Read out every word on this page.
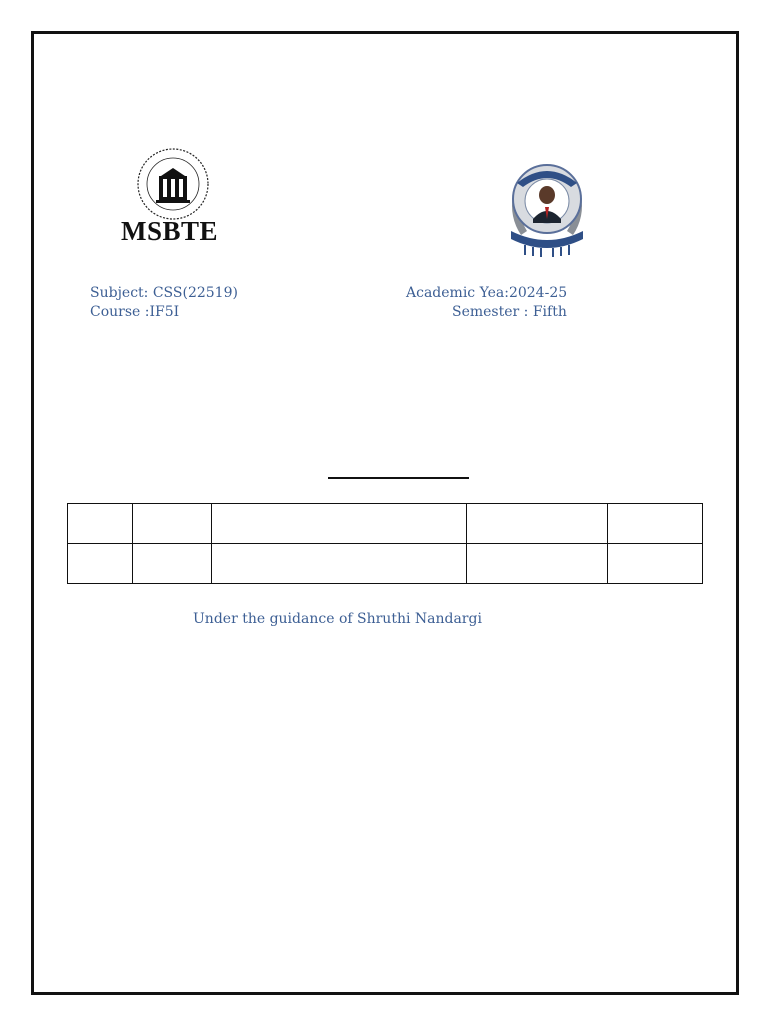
MSBTE
Subject: CSS(22519)
Course :IF5I
Academic Yea:2024-25
Semester : Fifth

Under the guidance of Shruthi Nandargi
